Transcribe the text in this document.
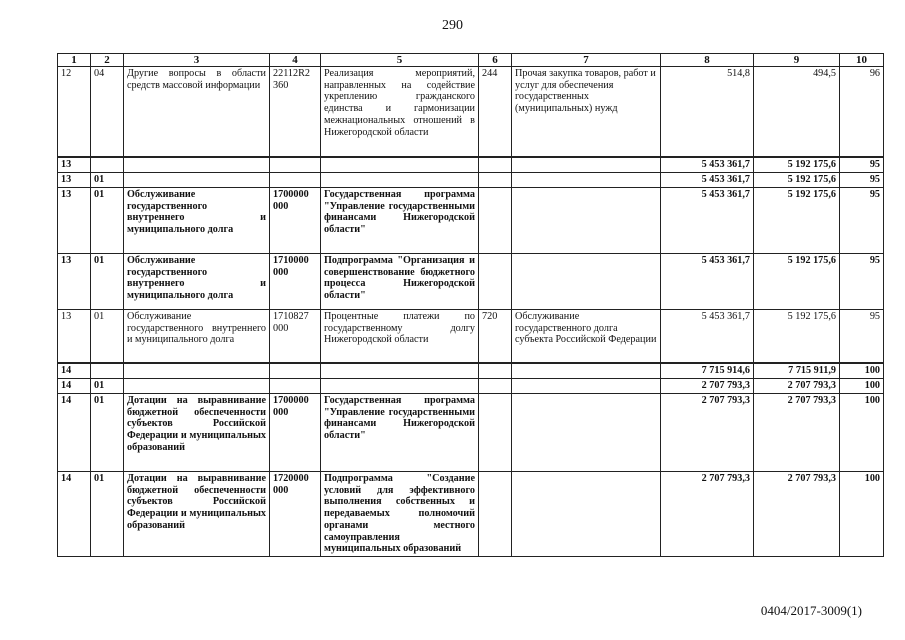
290
1	2	3	4	5	6	7	8	9	10
12	04	Другие вопросы в области средств массовой информации	22112R2 360	Реализация мероприятий, направленных на содействие укреплению гражданского единства и гармонизации межнациональных отношений в Нижегородской области	244	Прочая закупка товаров, работ и услуг для обеспечения государственных (муниципальных) нужд	514,8	494,5	96
13							5 453 361,7	5 192 175,6	95
13	01						5 453 361,7	5 192 175,6	95
13	01	Обслуживание государственного внутреннего и муниципального долга	1700000 000	Государственная программа "Управление государственными финансами Нижегородской области"			5 453 361,7	5 192 175,6	95
13	01	Обслуживание государственного внутреннего и муниципального долга	1710000 000	Подпрограмма "Организация и совершенствование бюджетного процесса Нижегородской области"			5 453 361,7	5 192 175,6	95
13	01	Обслуживание государственного внутреннего и муниципального долга	1710827 000	Процентные платежи по государственному долгу Нижегородской области	720	Обслуживание государственного долга субъекта Российской Федерации	5 453 361,7	5 192 175,6	95
14							7 715 914,6	7 715 911,9	100
14	01						2 707 793,3	2 707 793,3	100
14	01	Дотации на выравнивание бюджетной обеспеченности субъектов Российской Федерации и муниципальных образований	1700000 000	Государственная программа "Управление государственными финансами Нижегородской области"			2 707 793,3	2 707 793,3	100
14	01	Дотации на выравнивание бюджетной обеспеченности субъектов Российской Федерации и муниципальных образований	1720000 000	Подпрограмма "Создание условий для эффективного выполнения собственных и передаваемых полномочий органами местного самоуправления муниципальных образований			2 707 793,3	2 707 793,3	100
0404/2017-3009(1)
